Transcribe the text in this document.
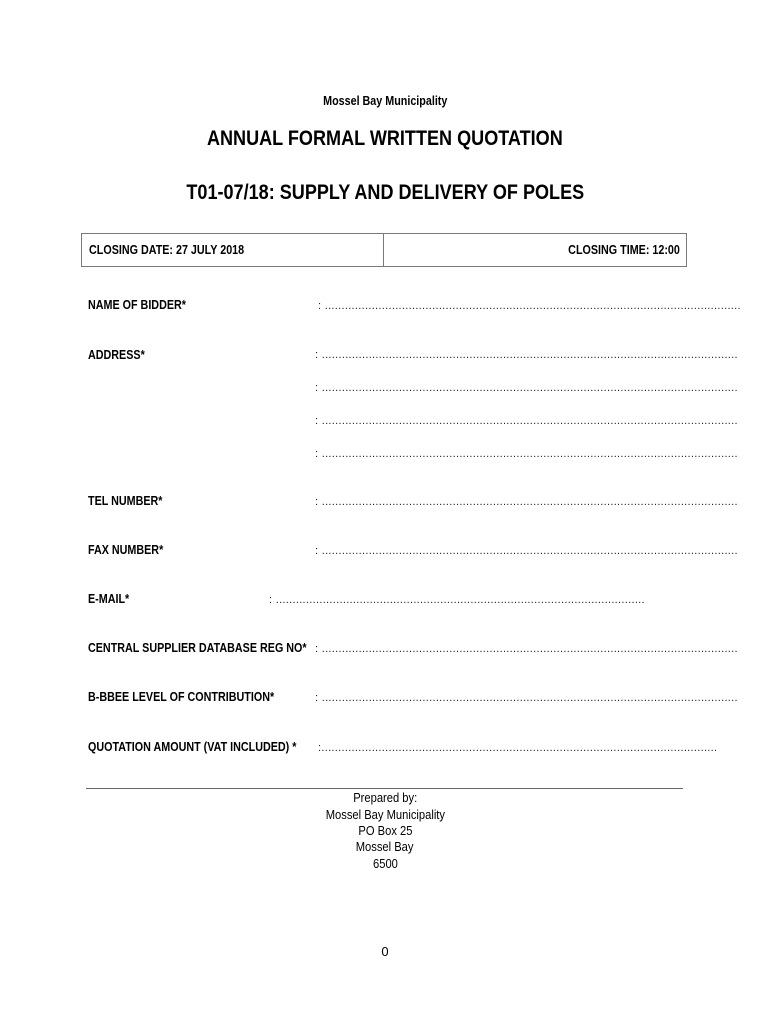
Mossel Bay Municipality
ANNUAL FORMAL WRITTEN QUOTATION
T01-07/18: SUPPLY AND DELIVERY OF POLES
CLOSING DATE: 27 JULY 2018	CLOSING TIME: 12:00
NAME OF BIDDER*	: ............................................................................................................................
ADDRESS*	: ............................................................................................................................
: ............................................................................................................................
: ............................................................................................................................
: ............................................................................................................................
TEL NUMBER*	: ............................................................................................................................
FAX NUMBER*	: ............................................................................................................................
E-MAIL*	: ..............................................................................................................
CENTRAL SUPPLIER DATABASE REG NO* : ............................................................................................................................
B-BBEE LEVEL OF CONTRIBUTION*	: ............................................................................................................................
QUOTATION AMOUNT (VAT INCLUDED) *	:......................................................................................................................
Prepared by:
Mossel Bay Municipality
PO Box 25
Mossel Bay
6500
0
